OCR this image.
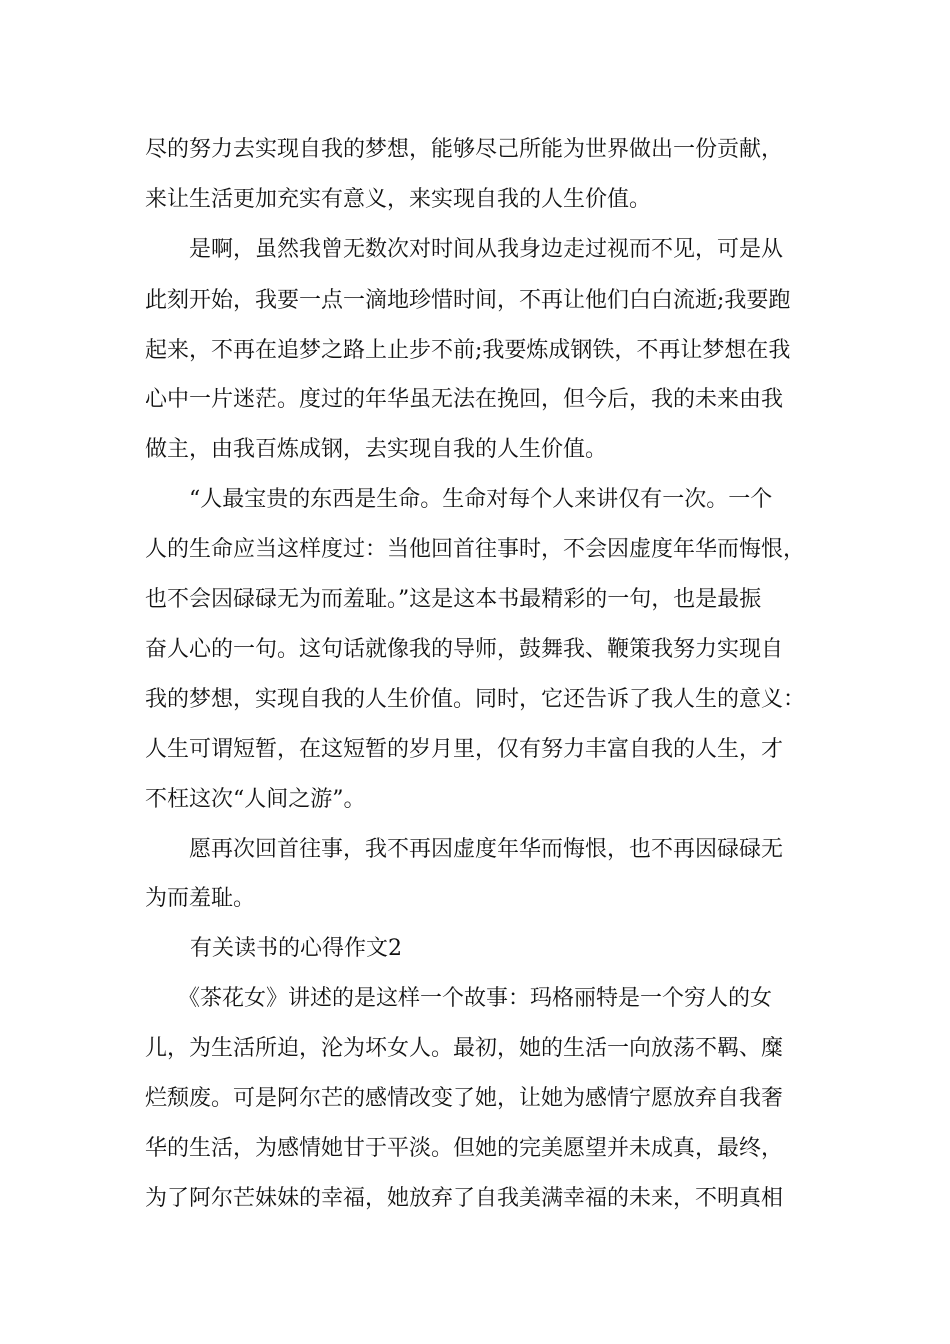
尽的努力去实现自我的梦想，能够尽己所能为世界做出一份贡献，
来让生活更加充实有意义，来实现自我的人生价值。
　　是啊，虽然我曾无数次对时间从我身边走过视而不见，可是从
此刻开始，我要一点一滴地珍惜时间，不再让他们白白流逝;我要跑
起来，不再在追梦之路上止步不前;我要炼成钢铁，不再让梦想在我
心中一片迷茫。度过的年华虽无法在挽回，但今后，我的未来由我
做主，由我百炼成钢，去实现自我的人生价值。
　　“人最宝贵的东西是生命。生命对每个人来讲仅有一次。一个
人的生命应当这样度过：当他回首往事时，不会因虚度年华而悔恨，
也不会因碌碌无为而羞耻。”这是这本书最精彩的一句，也是最振
奋人心的一句。这句话就像我的导师，鼓舞我、鞭策我努力实现自
我的梦想，实现自我的人生价值。同时，它还告诉了我人生的意义：
人生可谓短暂，在这短暂的岁月里，仅有努力丰富自我的人生，才
不枉这次“人间之游”。
　　愿再次回首往事，我不再因虚度年华而悔恨，也不再因碌碌无
为而羞耻。
有关读书的心得作文2
　　《茶花女》讲述的是这样一个故事：玛格丽特是一个穷人的女
儿，为生活所迫，沦为坏女人。最初，她的生活一向放荡不羁、糜
烂颓废。可是阿尔芒的感情改变了她，让她为感情宁愿放弃自我奢
华的生活，为感情她甘于平淡。但她的完美愿望并未成真，最终，
为了阿尔芒妹妹的幸福，她放弃了自我美满幸福的未来，不明真相
